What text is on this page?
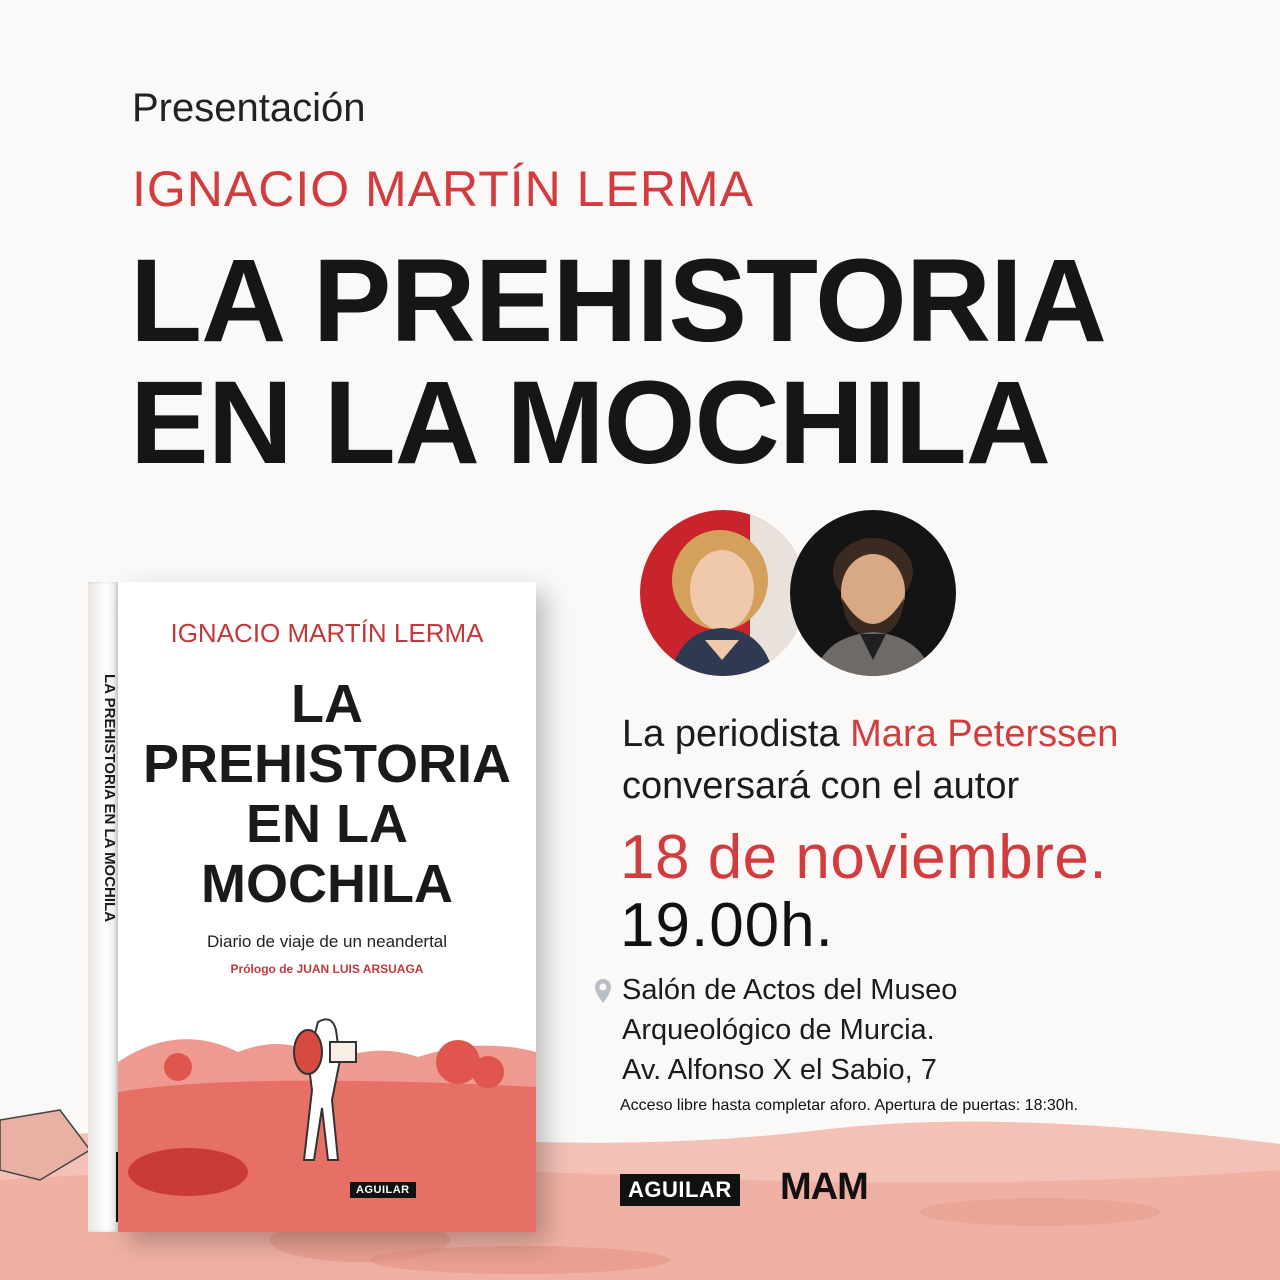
Presentación
IGNACIO MARTÍN LERMA
LA PREHISTORIA
EN LA MOCHILA
LA PREHISTORIA EN LA MOCHILA
IGNACIO MARTÍN LERMA
LA
PREHISTORIA
EN LA
MOCHILA
Diario de viaje de un neandertal
Prólogo de JUAN LUIS ARSUAGA
AGUILAR
La periodista Mara Peterssen
conversará con el autor
18 de noviembre.
19.00h.
Salón de Actos del Museo
Arqueológico de Murcia.
Av. Alfonso X el Sabio, 7
Acceso libre hasta completar aforo. Apertura de puertas: 18:30h.
AGUILAR MAM
